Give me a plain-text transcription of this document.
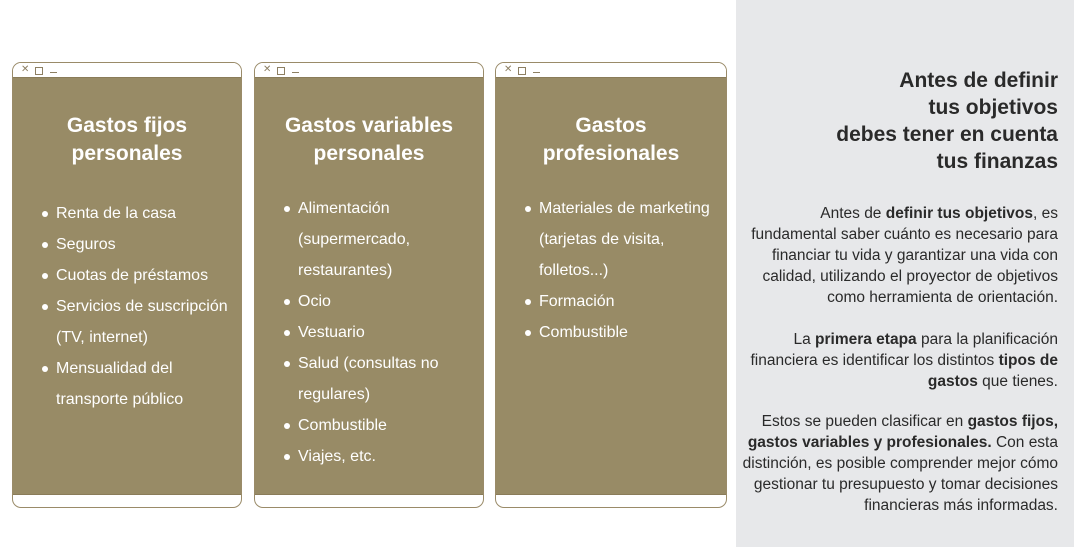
✕
Gastos fijos
personales
Renta de la casa
Seguros
Cuotas de préstamos
Servicios de suscripción (TV, internet)
Mensualidad del transporte público
✕
Gastos variables
personales
Alimentación (supermercado, restaurantes)
Ocio
Vestuario
Salud (consultas no regulares)
Combustible
Viajes, etc.
✕
Gastos
profesionales
Materiales de marketing (tarjetas de visita, folletos...)
Formación
Combustible
Antes de definir
tus objetivos
debes tener en cuenta
tus finanzas

Antes de definir tus objetivos, es fundamental saber cuánto es necesario para financiar tu vida y garantizar una vida con calidad, utilizando el proyector de objetivos como herramienta de orientación.

La primera etapa para la planificación financiera es identificar los distintos tipos de gastos que tienes.

Estos se pueden clasificar en gastos fijos, gastos variables y profesionales. Con esta distinción, es posible comprender mejor cómo gestionar tu presupuesto y tomar decisiones financieras más informadas.
